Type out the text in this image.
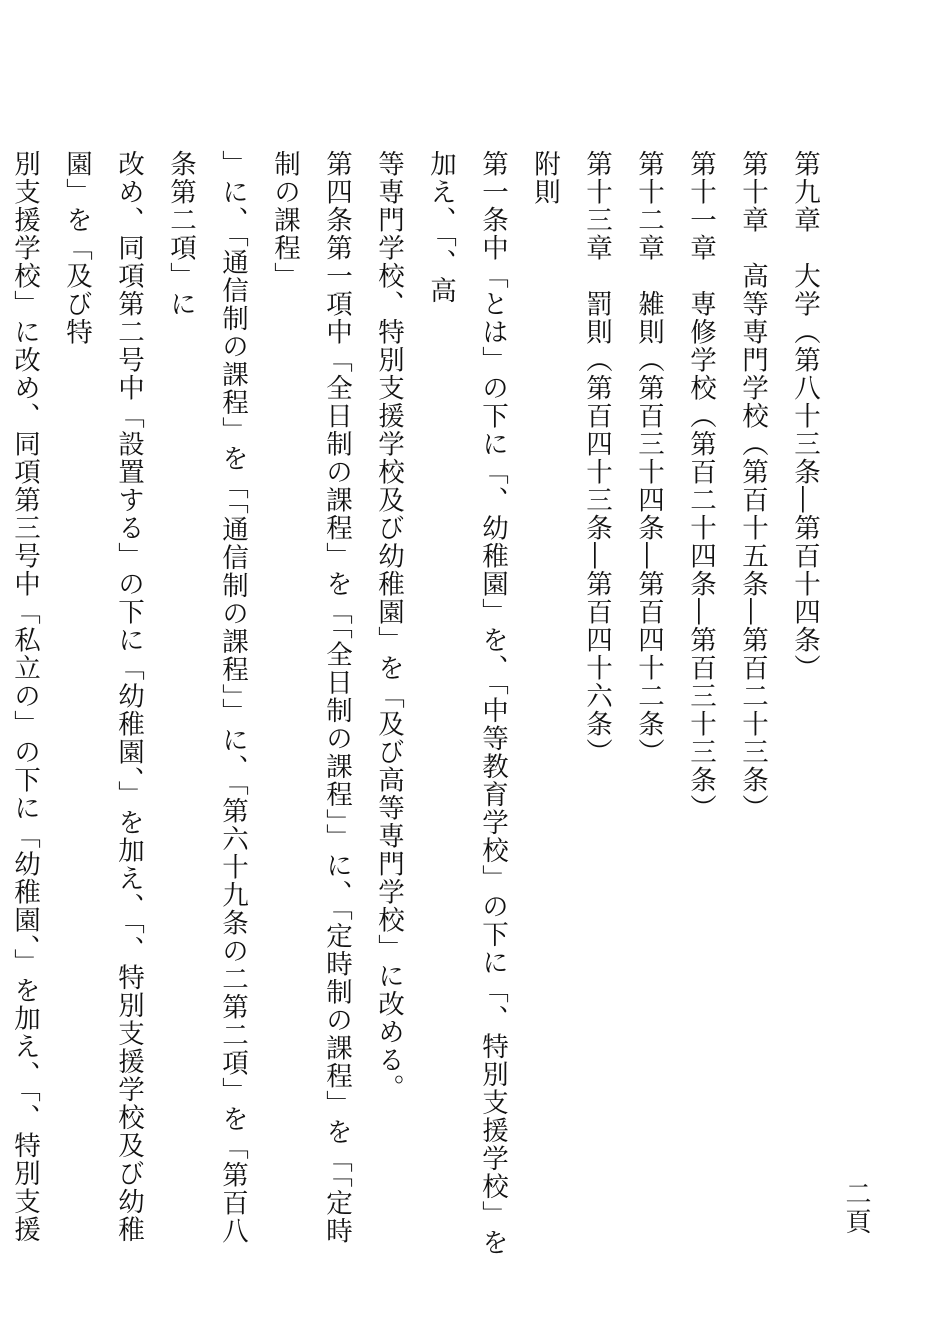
二頁
第九章　大学（第八十三条―第百十四条）
第十章　高等専門学校（第百十五条―第百二十三条）
第十一章　専修学校（第百二十四条―第百三十三条）
第十二章　雑則（第百三十四条―第百四十二条）
第十三章　罰則（第百四十三条―第百四十六条）
附則
第一条中「とは」の下に「、幼稚園」を、「中等教育学校」の下に「、特別支援学校」を加え、「、高
等専門学校、特別支援学校及び幼稚園」を「及び高等専門学校」に改める。
第四条第一項中「全日制の課程」を「「全日制の課程」」に、「定時制の課程」を「「定時制の課程」
」に、「通信制の課程」を「「通信制の課程」」に、「第六十九条の二第二項」を「第百八条第二項」に
改め、同項第二号中「設置する」の下に「幼稚園、」を加え、「、特別支援学校及び幼稚園」を「及び特
別支援学校」に改め、同項第三号中「私立の」の下に「幼稚園、」を加え、「、特別支援
